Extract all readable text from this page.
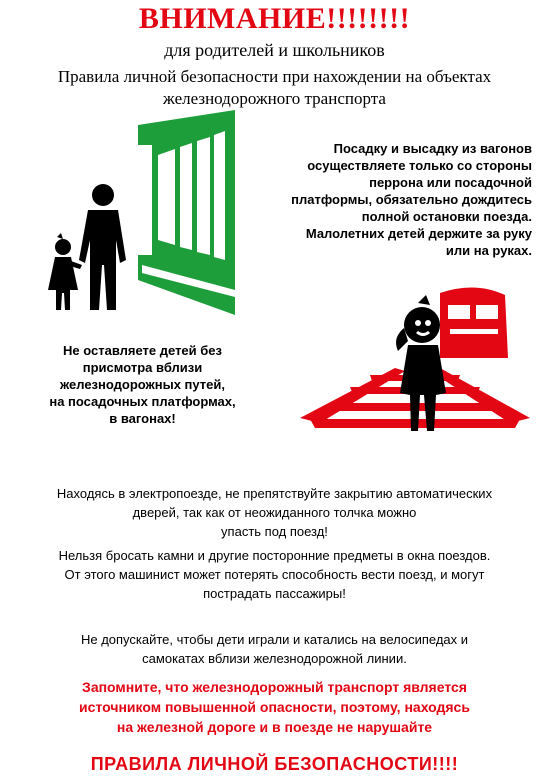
ВНИМАНИЕ!!!!!!!!
для родителей и школьников
Правила личной безопасности при нахождении на объектах железнодорожного транспорта
Посадку и высадку из вагонов
осуществляете только со стороны
перрона или посадочной
платформы, обязательно дождитесь
полной остановки поезда.
Малолетних детей держите за руку
или на руках.
Не оставляете детей без
присмотра вблизи
железнодорожных путей,
на посадочных платформах,
в вагонах!
Находясь в электропоезде, не препятствуйте закрытию автоматических
дверей, так как от неожиданного толчка можно
упасть под поезд!
Нельзя бросать камни и другие посторонние предметы в окна поездов.
От этого машинист может потерять способность вести поезд, и могут
пострадать пассажиры!
Не допускайте, чтобы дети играли и катались на велосипедах и
самокатах вблизи железнодорожной линии.
Запомните, что железнодорожный транспорт является
источником повышенной опасности, поэтому, находясь
на железной дороге и в поезде не нарушайте
ПРАВИЛА ЛИЧНОЙ БЕЗОПАСНОСТИ!!!!
